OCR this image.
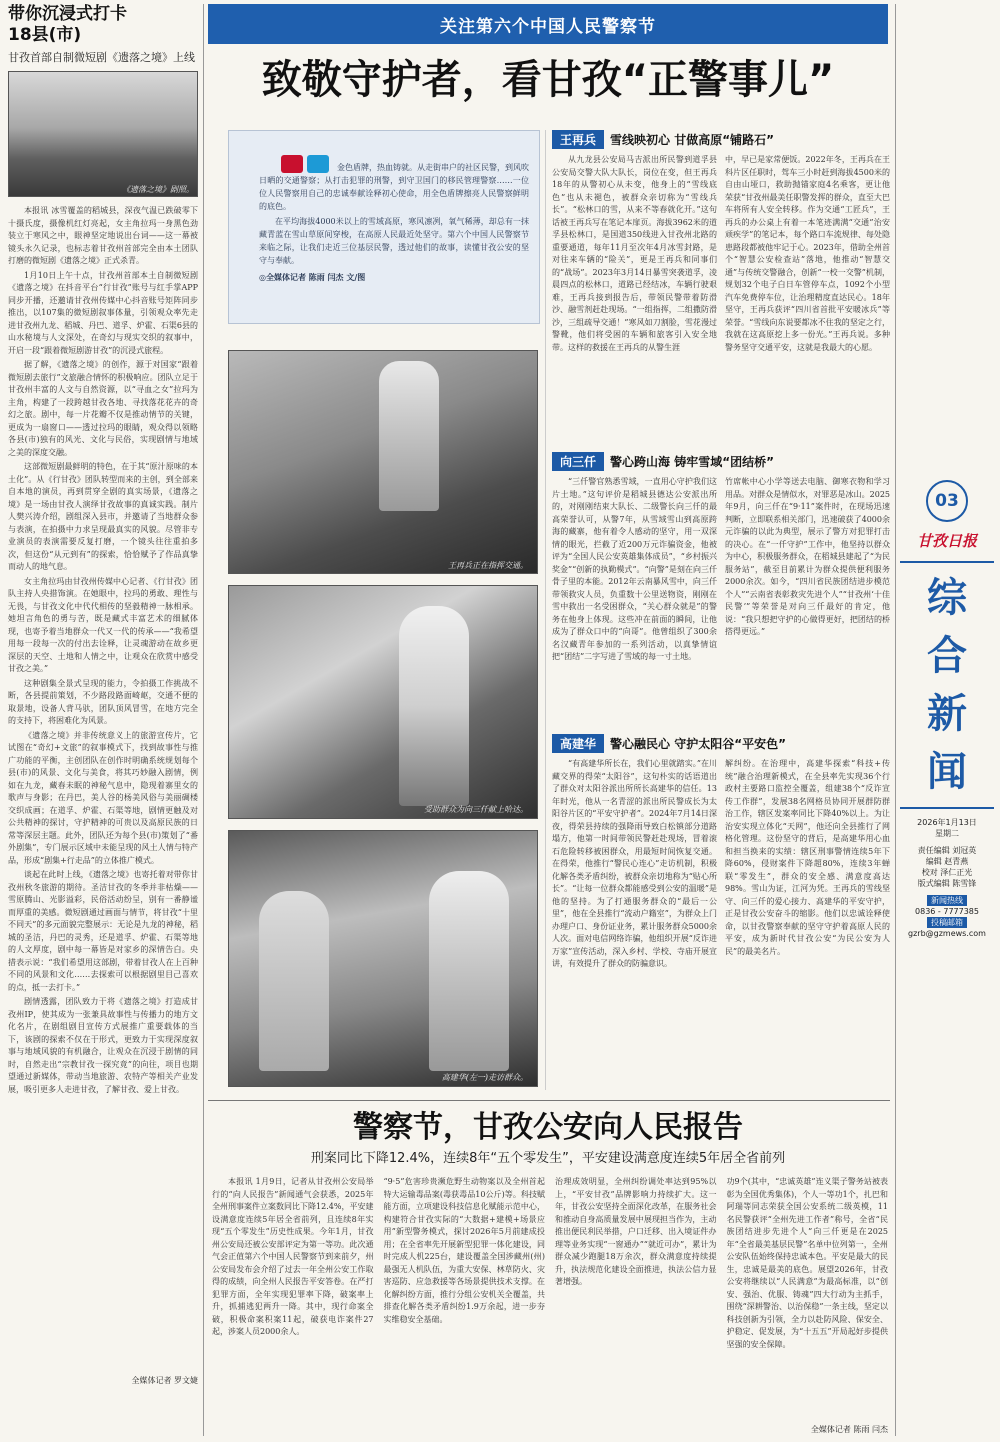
带你沉浸式打卡
18县(市)
甘孜首部自制微短剧《遗落之境》上线
《遗落之境》剧照。

本报讯 冰雪覆盖的稻城县，深夜气温已跌破零下十摄氏度，摄像机红灯亮起，女主角拉玛一身黑色劲装立于寒风之中，眼神坚定地说出台词——这一幕被镜头永久记录，也标志着甘孜州首部完全由本土团队打磨的微短剧《遗落之境》正式杀青。

1月10日上午十点，甘孜州首部本土自制微短剧《遗落之境》在抖音平台“行甘孜”账号与红手掌APP同步开播，还邀请甘孜州传媒中心抖音账号矩阵同步推出，以107集的微短剧叙事体量，引领观众率先走进甘孜州九龙、稻城、丹巴、道孚、炉霍、石渠6县的山水秘境与人文深处，在奇幻与现实交织的叙事中，开启一段“跟着微短剧游甘孜”的沉浸式旅程。

据了解，《遗落之境》的创作，源于对国家“跟着微短剧去旅行”文旅融合情怀的积极响应。团队立足于甘孜州丰富的人文与自然资源，以“寻血之女”拉玛为主角，构建了一段跨越甘孜各地、寻找落花花卉的奇幻之旅。剧中，每一片花瓣不仅是推动情节的关键，更成为一扇窗口——透过拉玛的眼睛，观众得以领略各县(市)独有的风光、文化与民俗，实现剧情与地域之美的深度交融。

这部微短剧最鲜明的特色，在于其“原汁原味的本土化”。从《行甘孜》团队转型而来的主创，到全部来自本地的演员，再到贯穿全剧的真实场景，《遗落之境》是一场由甘孜人演绎甘孜故事的真诚实践。制片人樊兴涛介绍，剧组深入县市，并邀请了当地群众参与表演，在拍摄中力求呈现最真实的风貌。尽管非专业演员的表演需要反复打磨，一个镜头往往重拍多次，但这份“从元到有”的探索，恰恰赋予了作品真挚而动人的地气息。

女主角拉玛由甘孜州传媒中心记者、《行甘孜》团队主持人央措饰演。在她眼中，拉玛的勇敢、理性与无畏，与甘孜文化中代代相传的坚毅精神一脉相承。她坦言角色的勇与苦，既是藏式丰富艺术的细腻体现，也寄予着当地群众一代又一代的传承——“我希望用每一段每一次的付出去诠释，让灵魂游动在故乡更深层的天空、土地和人情之中，让观众在欣赏中感受甘孜之美。”

这种剧集全景式呈现的能力，令拍摄工作挑战不断，各县提前策划，不少路段路面崎岖，交通不便的取景地，设备人背马驮，团队顶风冒雪，在地方完全的支持下，将困难化为风景。

《遗落之境》并非传统意义上的旅游宣传片，它试图在“奇幻+文旅”的叙事模式下，找到故事性与推广功能的平衡，主创团队在创作时明确系统规划每个县(市)的风景、文化与美食，将其巧妙融入剧情，例如在九龙，藏春未眠的神秘气息中，隐现着寨里女的歌声与身影；在丹巴，美人谷的杨美风俗与美丽碉楼交织成画；在道孚、炉霍、石渠等地，剧情更触及对公共精神的探讨，守护精神的可贵以及高原民族的日常等深层主题。此外，团队还为每个县(市)策划了“番外剧集”，专门展示区域中未能呈现的风土人情与特产品，形成“剧集+行走品”的立体推广模式。

谈起在此时上线，《遗落之境》也寄托着对带你甘孜州秋冬旅游的期待。圣洁甘孜的冬季并非枯燥——雪原腾山、光影溢彩，民俗活动纷呈，别有一番静谧而厚重的美感。微短剧通过画面与情节，将甘孜“十里不同天”的多元面貌完整展示：无论是九龙的神秘，稻城的圣洁，丹巴的灵秀，还是道孚、炉霍、石渠等地的人文厚度，剧中每一幕皆是对家乡的深情告白。央措表示说：“我们希望用这部剧，带着甘孜人在上百种不同的风景和文化……去探索可以根据剧里目己喜欢的点，抵一去打卡。”

剧情透露，团队致力于将《遗落之境》打造成甘孜州IP，使其成为一张兼具故事性与传播力的地方文化名片，在剧组剧目宣传方式展推广重要载体的当下，该剧的探索不仅在于形式，更致力于实现深度叙事与地域风貌的有机融合，让观众在沉浸于剧情的同时，自然走出“宗教甘孜一探究竟”的向往，项目也期望通过新媒体，带动当地旅游、农特产等相关产业发展，吸引更多人走进甘孜，了解甘孜、爱上甘孜。

全媒体记者 罗文婕
关注第六个中国人民警察节
致敬守护者，看甘孜“正警事儿”

金色盾牌，热血铸就。从走街串户的社区民警，到风吹日晒的交通警察；从打击犯罪的刑警，到守卫国门的移民管理警察……一位位人民警察用自己的忠诚奉献诠释初心使命，用全色盾牌擦亮人民警察鲜明的底色。

在平均海拔4000米以上的雪域高原，寒风凛冽，氧气稀薄，却总有一抹藏青蓝在雪山草原间穿梭，在高原人民最近处坚守。第六个中国人民警察节来临之际，让我们走近三位基层民警，透过他们的故事，读懂甘孜公安的坚守与奉献。

◎全媒体记者 陈雨 闫杰 文/图

王再兵正在指挥交通。
受助群众为向三仟献上哈达。
高建华(左一)走访群众。
王再兵	雪线映初心 甘做高原“铺路石”
从九龙县公安局马吉派出所民警到道孚县公安局交警大队大队长，岗位在变，但王再兵18年的从警初心从未变，他身上的“雪线底色”也从未褪色，被群众亲切称为“雪线兵长”。“松林口的雪，从来不等春就化开。”这句话被王再兵写在笔记本扉页。海拔3962米的道孚县松林口，是国道350线进入甘孜州北路的重要通道，每年11月至次年4月冰雪封路，是对往来车辆的“险关”，更是王再兵和同事们的“战场”。2023年3月14日暴雪突袭道孚，凌晨四点的松林口，道路已经结冰，车辆行驶艰难，王再兵接到报告后，带领民警带着防滑沙、融雪剂赶赴现场。“一组指挥，二组撒防滑沙，三组疏导交通！”寒风如刀割脸，雪花漫过警靴，他们将受困的车辆和旅客引入安全地带。这样的救援在王再兵的从警生涯
中，早已是家常便饭。2022年冬，王再兵在王科片区任职时，驾车三小时赶到海拔4500米的自由山垭口，救助抛锚家庭4名乘客，更让他荣获“甘孜州最美任职警发挥的群众，直至大巴车将所有人安全转移。作为交通“工匠兵”，王再兵的办公桌上有着一本笔迹满满“交通”治安顽疾学”的笔记本，每个路口车流规律、每处隐患路段都被他牢记于心。2023年，借助全州首个“智慧公安检查站”落地，他推动“智慧交通”与传统交警融合，创新“一校一交警”机制，规划32个电子白日车管停车点，1092个小型汽车免费停车位，让治理精度直达民心。18年坚守，王再兵获评“四川省首批平安暖冰兵”等荣誉。“雪线向东说要都冰不住我的坚定之行，我就在这高原挖上多一份光。”王再兵说。多种警务坚守交通平安，这就是我最大的心愿。
向三仟	警心跨山海 铸牢雪域“团结桥”
“三仟警官熟悉雪域，一直用心守护我们这片土地。”这句评价是稻城县德达公安派出所的，对刚刚结束大队长、二级警长向三仟的最高荣誉认可，从警7年，从雪域雪山到高原跨海的藏寨，他有着令人感动的坚守，用一双深情的眼光，拦截了近200万元诈骗资金，他被评为“全国人民公安英雄集体成员”，“乡村振兴奖金”“创新的执勤模式”。“向警”是刻在向三仟骨子里的本能。2012年云南暴风雪中，向三仟带领救灾人员，负重数十公里送物资，刚刚在雪中救出一名受困群众，“关心群众就是”的警务在他身上体现。这些冲在前面的瞬间，让他成为了群众口中的“向哥”。他曾组织了300余名汉藏青年参加的一系列活动，以真挚情谊把“团结”二字写进了雪域的每一寸土地。
竹席帐中心小学等送去电脑、御寒衣物和学习用品。对群众是情似水，对罪恶是冰山。2025年9月，向三仟在“9·11”案件时，在现场迅速判断，立即联系相关部门，迅速破获了4000余元诈骗的以此为典型，展示了警方对犯罪打击的决心。在“一仟守护”工作中，他坚持以群众为中心，积极服务群众，在稻城县建起了“为民服务站”，截至目前累计为群众提供便利服务2000余次。如今，“四川省民族团结进步模范个人”“云南省表彰救灾先进个人”“甘孜州‘十佳民警’”等荣誉是对向三仟最好的肯定，他说：“我只想把守护的心做得更好，把团结的桥搭得更远。”
高建华	警心融民心 守护太阳谷“平安色”
“有高建华所长在，我们心里就踏实。”在川藏交界的得荣“太阳谷”，这句朴实的话语道出了群众对太阳谷派出所所长高建华的信任。13年时光，他从一名青涩的派出所民警成长为太阳谷片区的“平安守护者”。2024年7月14日深夜，得荣县持续的强降雨导致白松镇部分道路塌方，他第一时间带领民警赶赴现场，冒着滚石危险转移被困群众，用最短时间恢复交通。在得荣，他推行“警民心连心”走访机制，积极化解各类矛盾纠纷，被群众亲切地称为“贴心所长”。“让每一位群众都能感受到公安的温暖”是他的坚持。为了打通服务群众的“最后一公里”，他在全县推行“流动户籍室”，为群众上门办理户口、身份证业务，累计服务群众5000余人次。面对电信网络诈骗，他组织开展“反诈进万家”宣传活动，深入乡村、学校、寺庙开展宣讲，有效提升了群众的防骗意识。
解纠纷。在治理中，高建华探索“科技+传统”融合治理新模式，在全县率先实现36个行政村主要路口监控全覆盖，组建38个“反诈宣传工作群”，发展38名网格员协同开展群防群治工作，辖区发案率同比下降40%以上。为让治安实现立体化“天网”，他还向全县推行了网格化管理。这份坚守的背后，是高建华用心血和担当换来的实绩：辖区刑事警情连续5年下降60%，侵财案件下降超80%，连续3年蝉联“零发生”，群众的安全感、满意度高达98%。雪山为证，江河为凭。王再兵的雪线坚守、向三仟的爱心接力、高建华的平安守护，正是甘孜公安奋斗的缩影。他们以忠诚诠释使命，以甘孜警察奉献的坚守守护着高原人民的平安，成为新时代甘孜公安“为民公安为人民”的最美名片。
警察节，甘孜公安向人民报告
刑案同比下降12.4%，连续8年“五个零发生”，平安建设满意度连续5年居全省前列
本报讯 1月9日，记者从甘孜州公安局举行的“向人民报告”新闻通气会获悉，2025年全州刑事案件立案数同比下降12.4%，平安建设满意度连续5年居全省前列，且连续8年实现“五个零发生”历史性成果。今年1月，甘孜州公安局还被公安部评定为第一等功。此次通气会正值第六个中国人民警察节到来前夕，州公安局发布会介绍了过去一年全州公安工作取得的成绩，向全州人民报告平安答卷。在严打犯罪方面，全年实现犯罪率下降，破案率上升，抓捕逃犯两升一降。其中，现行命案全破，积极命案积案11起，破获电诈案件27起，涉案人员2000余人。
“9·5”危害珍贵濒危野生动物案以及全州首起特大运输毒品案(毒获毒品10公斤)等。科技赋能方面，立项建设科技信息化赋能示范中心，构建符合甘孜实际的“大数据+建模+场景应用”新型警务模式，探讨2026年5月前建成投用；在全省率先开展新型犯罪一体化建设，同时完成人机225台，建设覆盖全国涉藏州(州)最强无人机队伍，为重大安保、林草防火、灾害巡防、应急救援等各场景提供技术支撑。在化解纠纷方面，推行分组公安机关全覆盖，共排查化解各类矛盾纠纷1.9万余起，进一步夯实维稳安全基础。
治理成效明显，全州纠纷调处率达到95%以上，“平安甘孜”品牌影响力持续扩大。这一年，甘孜公安坚持全面深化改革，在服务社会和推动自身高质量发展中展现担当作为，主动推出便民利民举措，户口迁移、出入境证件办理等业务实现“一窗通办”“就近可办”，累计为群众减少跑腿18万余次，群众满意度持续提升，执法规范化建设全面推进，执法公信力显著增强。
功9个(其中，“忠诚英雄”连义渠子警务站被表彰为全国优秀集体)，个人一等功1个，扎巴和阿瑞等同志荣获全国公安系统二级英模，11名民警获评“全州先进工作者”称号，全省“民族团结进步先进个人”向三仟更是在2025年“全省最美基层民警”名单中位列第一，全州公安队伍始终保持忠诚本色。平安是最大的民生，忠诚是最美的底色。展望2026年，甘孜公安将继续以“人民满意”为最高标准，以“创安、强治、优服、铸魂”四大行动为主抓手，围绕“深耕警治、以治保稳”一条主线，坚定以科技创新为引领，全力以赴防风险、保安全、护稳定、促发展，为“十五五”开局起好步提供坚强的安全保障。
全媒体记者 陈雨 闫杰
03
甘孜日报
综
合
新
闻
2026年1月13日
星期二
责任编辑 刘冠英
编辑 赵青燕
校对 泽仁正光
版式编辑 陈雪锋
新闻热线
0836 - 7777385
投稿邮箱
gzrb@gzmews.com
